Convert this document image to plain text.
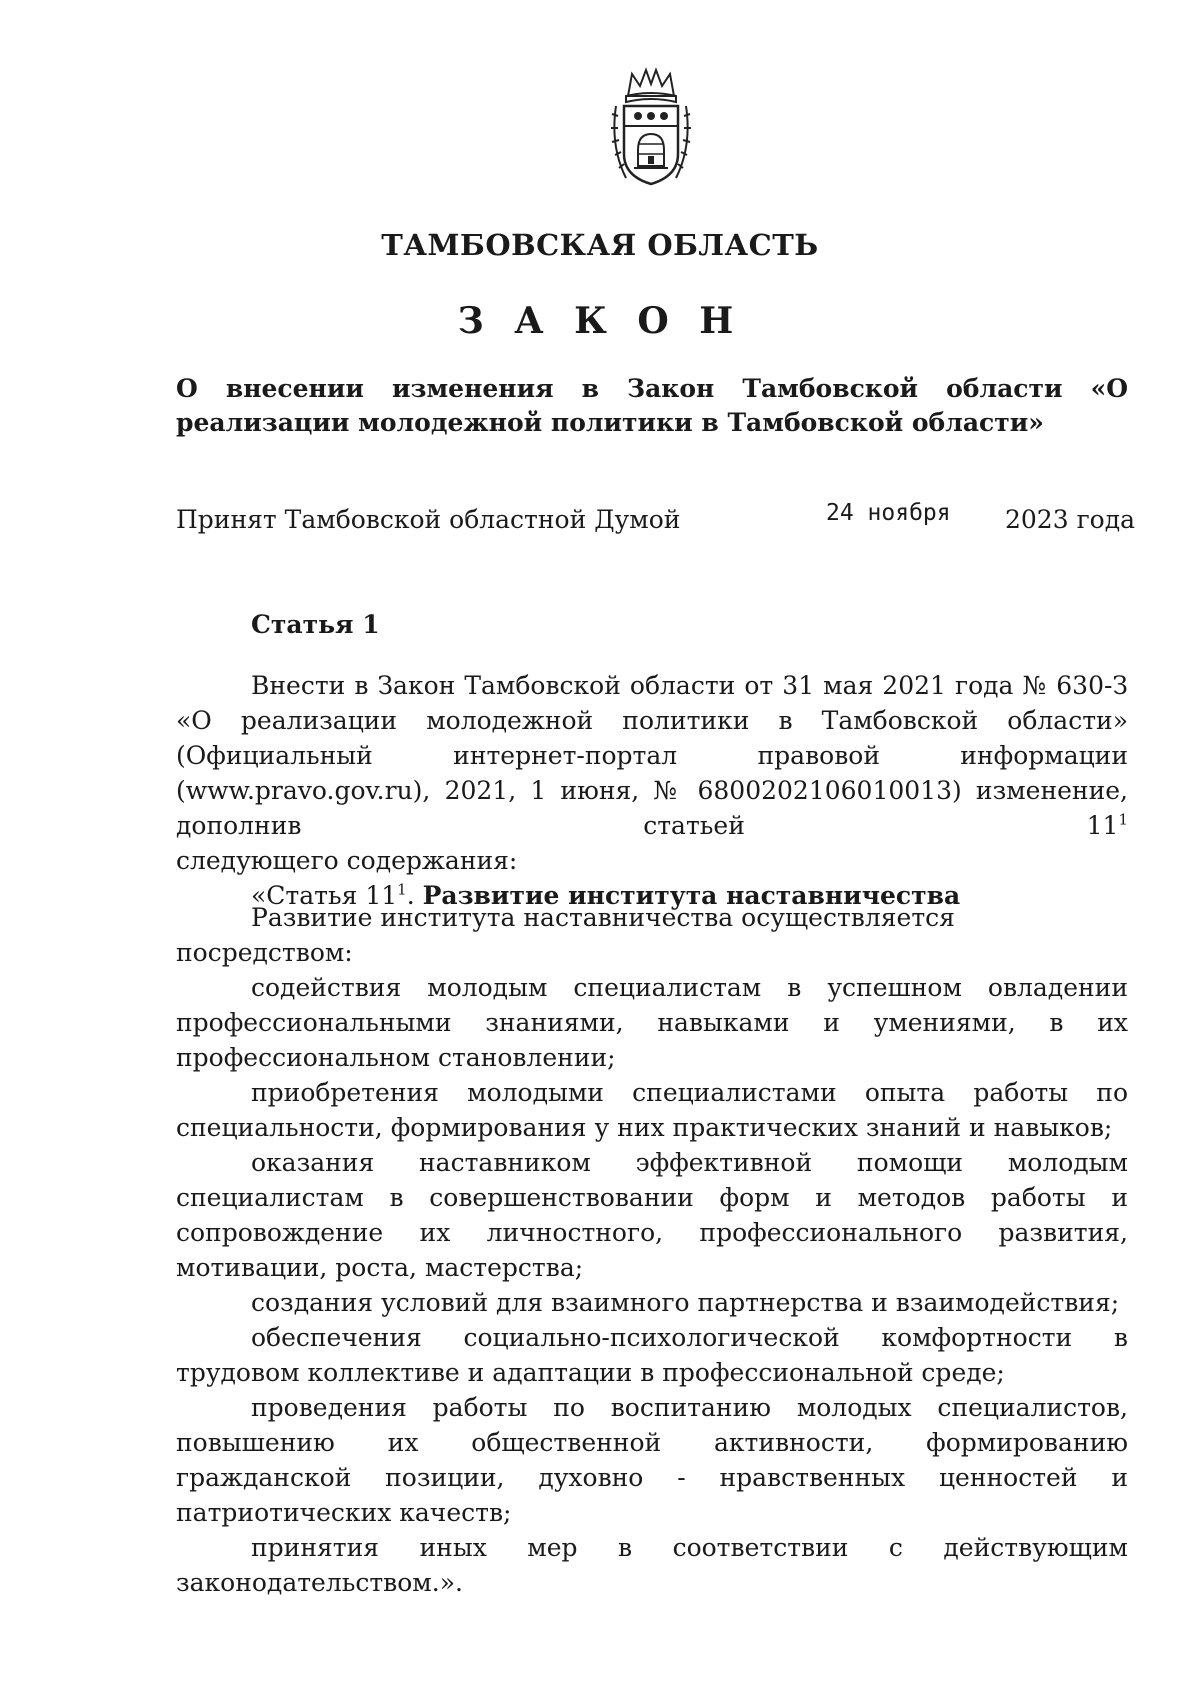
ТАМБОВСКАЯ ОБЛАСТЬ
З А К О Н
О внесении изменения в Закон Тамбовской области «О реализации молодежной политики в Тамбовской области»
Принят Тамбовской областной Думой	24 ноября 2023 года
Статья 1

Внести в Закон Тамбовской области от 31 мая 2021 года № 630-З «О реализации молодежной политики в Тамбовской области» (Официальный интернет-портал правовой информации (www.pravo.gov.ru), 2021, 1 июня, № 6800202106010013) изменение, дополнив статьей $11^1$

следующего содержания:

«Статья $11^1$. Развитие института наставничества

Развитие института наставничества осуществляется посредством:

содействия молодым специалистам в успешном овладении профессиональными знаниями, навыками и умениями, в их профессиональном становлении;

приобретения молодыми специалистами опыта работы по специальности, формирования у них практических знаний и навыков;

оказания наставником эффективной помощи молодым специалистам в совершенствовании форм и методов работы и сопровождение их личностного, профессионального развития, мотивации, роста, мастерства;

создания условий для взаимного партнерства и взаимодействия;

обеспечения социально-психологической комфортности в трудовом коллективе и адаптации в профессиональной среде;

проведения работы по воспитанию молодых специалистов, повышению их общественной активности, формированию гражданской позиции, духовно - нравственных ценностей и патриотических качеств;

принятия иных мер в соответствии с действующим законодательством.».
